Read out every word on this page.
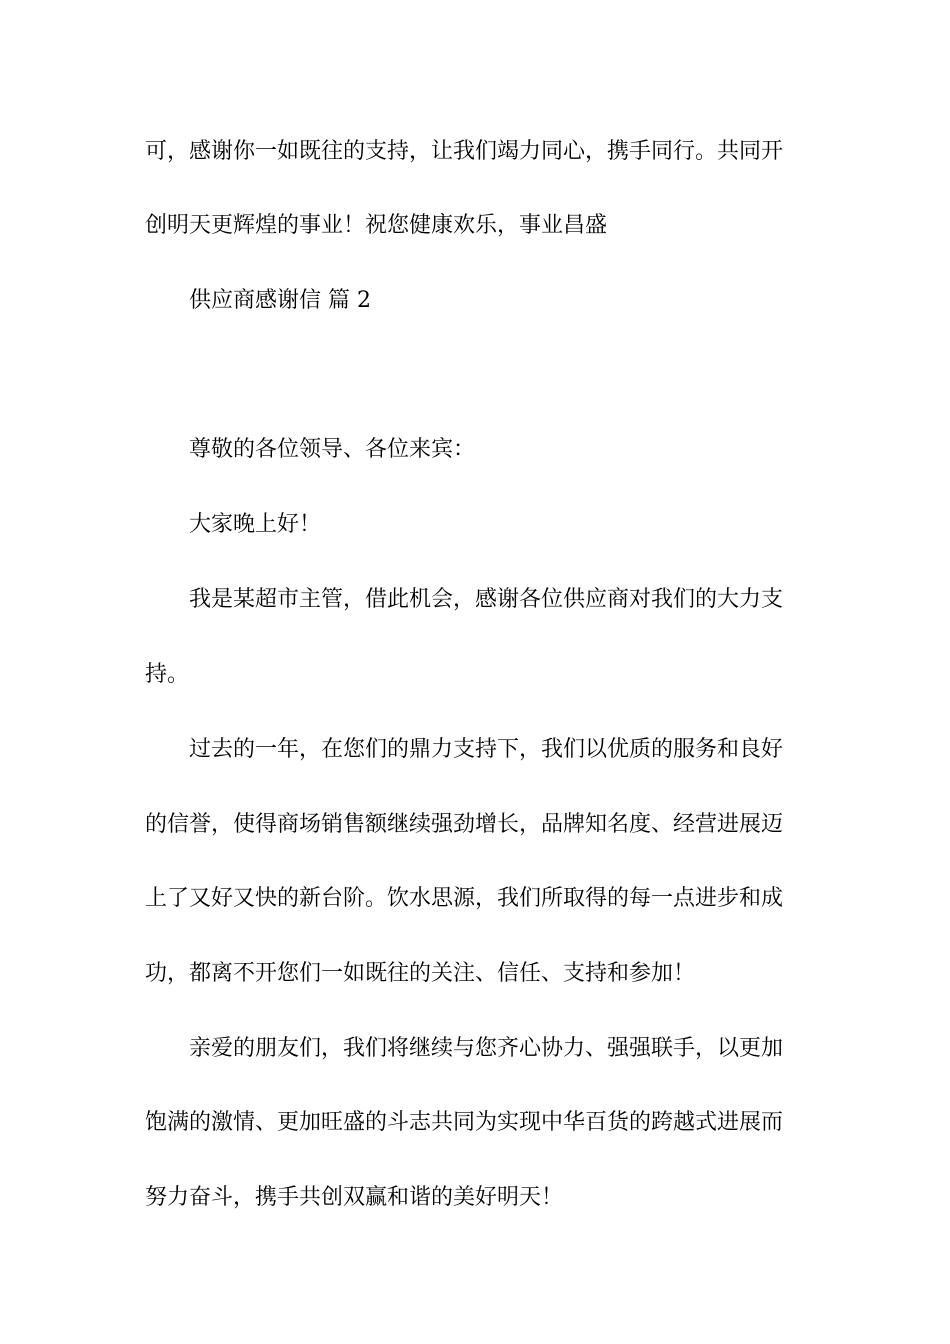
可，感谢你一如既往的支持，让我们竭力同心，携手同行。共同开
创明天更辉煌的事业！祝您健康欢乐，事业昌盛
供应商感谢信 篇 2
尊敬的各位领导、各位来宾：
大家晚上好！
我是某超市主管，借此机会，感谢各位供应商对我们的大力支
持。
过去的一年，在您们的鼎力支持下，我们以优质的服务和良好
的信誉，使得商场销售额继续强劲增长，品牌知名度、经营进展迈
上了又好又快的新台阶。饮水思源，我们所取得的每一点进步和成
功，都离不开您们一如既往的关注、信任、支持和参加！
亲爱的朋友们，我们将继续与您齐心协力、强强联手，以更加
饱满的激情、更加旺盛的斗志共同为实现中华百货的跨越式进展而
努力奋斗，携手共创双赢和谐的美好明天！
